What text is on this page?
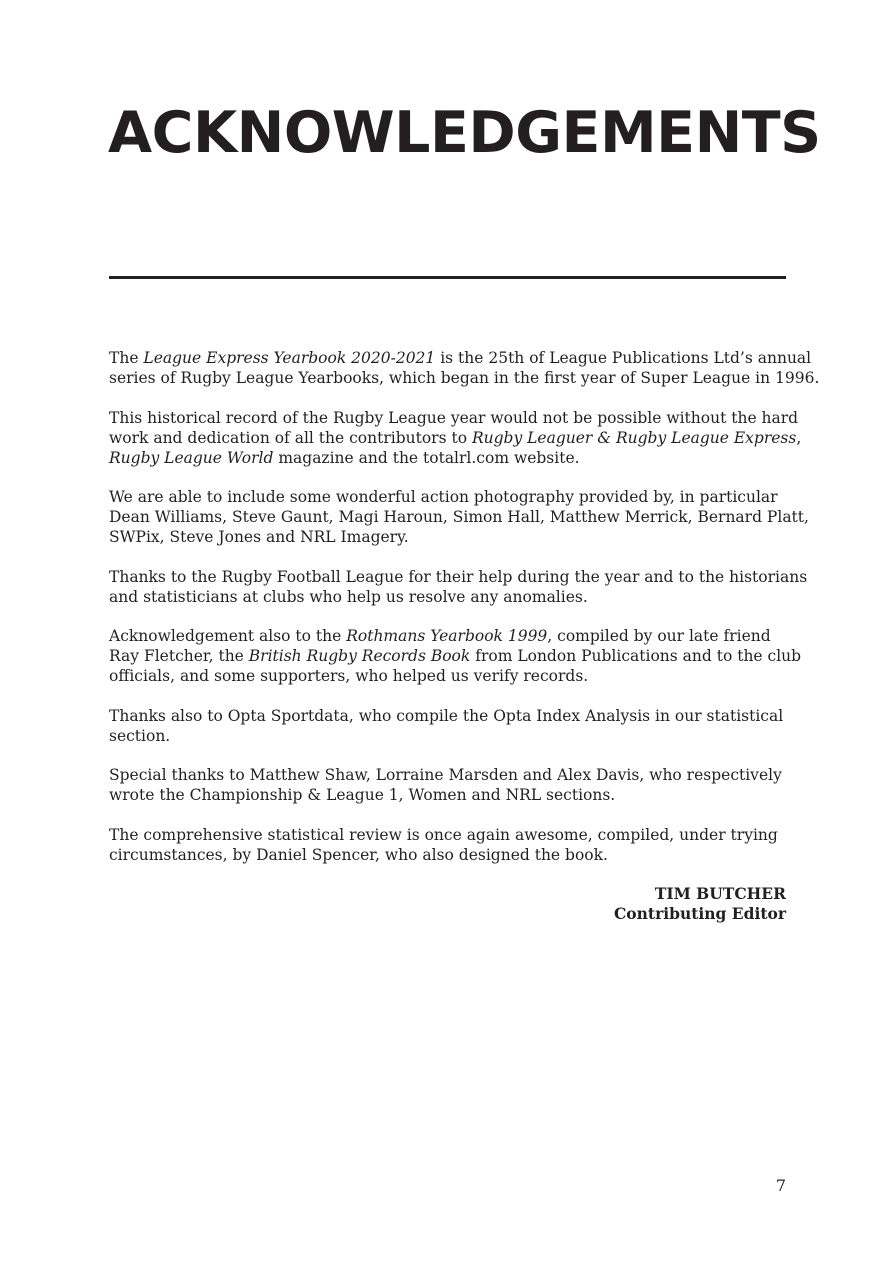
ACKNOWLEDGEMENTS

The League Express Yearbook 2020-2021 is the 25th of League Publications Ltd’s annual
series of Rugby League Yearbooks, which began in the first year of Super League in 1996.

This historical record of the Rugby League year would not be possible without the hard
work and dedication of all the contributors to Rugby Leaguer & Rugby League Express,
Rugby League World magazine and the totalrl.com website.

We are able to include some wonderful action photography provided by, in particular
Dean Williams, Steve Gaunt, Magi Haroun, Simon Hall, Matthew Merrick, Bernard Platt,
SWPix, Steve Jones and NRL Imagery.

Thanks to the Rugby Football League for their help during the year and to the historians
and statisticians at clubs who help us resolve any anomalies.

Acknowledgement also to the Rothmans Yearbook 1999, compiled by our late friend
Ray Fletcher, the British Rugby Records Book from London Publications and to the club
officials, and some supporters, who helped us verify records.

Thanks also to Opta Sportdata, who compile the Opta Index Analysis in our statistical
section.

Special thanks to Matthew Shaw, Lorraine Marsden and Alex Davis, who respectively
wrote the Championship & League 1, Women and NRL sections.

The comprehensive statistical review is once again awesome, compiled, under trying
circumstances, by Daniel Spencer, who also designed the book.

TIM BUTCHER
Contributing Editor
7
